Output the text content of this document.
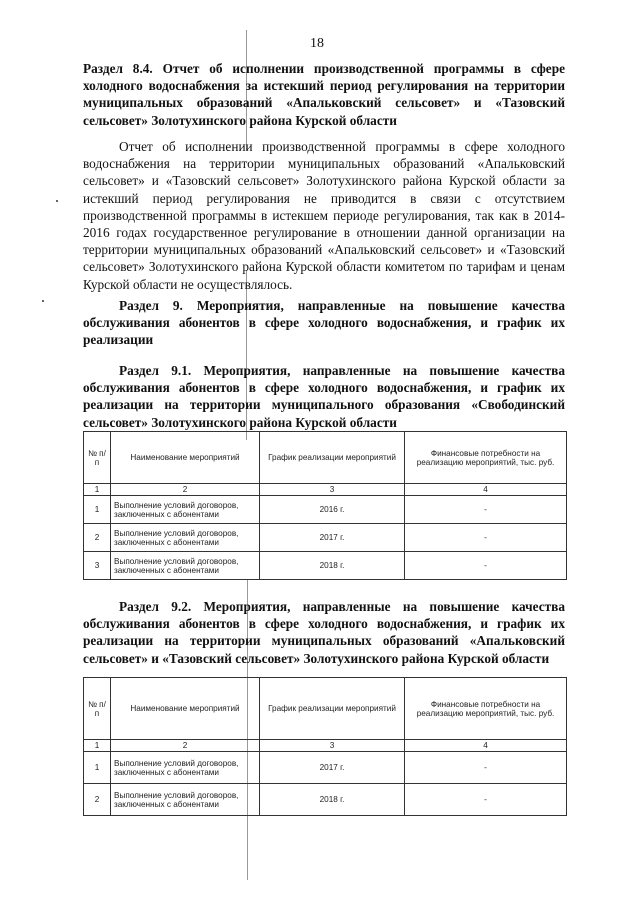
18
Раздел 8.4. Отчет об исполнении производственной программы в сфере холодного водоснабжения за истекший период регулирования на территории муниципальных образований «Апальковский сельсовет» и «Тазовский сельсовет» Золотухинского района Курской области
Отчет об исполнении производственной программы в сфере холодного водоснабжения на территории муниципальных образований «Апальковский сельсовет» и «Тазовский сельсовет» Золотухинского района Курской области за истекший период регулирования не приводится в связи с отсутствием производственной программы в истекшем периоде регулирования, так как в 2014-2016 годах государственное регулирование в отношении данной организации на территории муниципальных образований «Апальковский сельсовет» и «Тазовский сельсовет» Золотухинского района Курской области комитетом по тарифам и ценам Курской области не осуществлялось.
Раздел 9. Мероприятия, направленные на повышение качества обслуживания абонентов в сфере холодного водоснабжения, и график их реализации
Раздел 9.1. Мероприятия, направленные на повышение качества обслуживания абонентов в сфере холодного водоснабжения, и график их реализации на территории муниципального образования «Свободинский сельсовет» Золотухинского района Курской области
№ п/п	Наименование мероприятий	График реализации мероприятий	Финансовые потребности на реализацию мероприятий, тыс. руб.
1	2	3	4
1	Выполнение условий договоров, заключенных с абонентами	2016 г.	-
2	Выполнение условий договоров, заключенных с абонентами	2017 г.	-
3	Выполнение условий договоров, заключенных с абонентами	2018 г.	-
Раздел 9.2. Мероприятия, направленные на повышение качества обслуживания абонентов в сфере холодного водоснабжения, и график их реализации на территории муниципальных образований «Апальковский сельсовет» и «Тазовский сельсовет» Золотухинского района Курской области
№ п/п	Наименование мероприятий	График реализации мероприятий	Финансовые потребности на реализацию мероприятий, тыс. руб.
1	2	3	4
1	Выполнение условий договоров, заключенных с абонентами	2017 г.	-
2	Выполнение условий договоров, заключенных с абонентами	2018 г.	-
